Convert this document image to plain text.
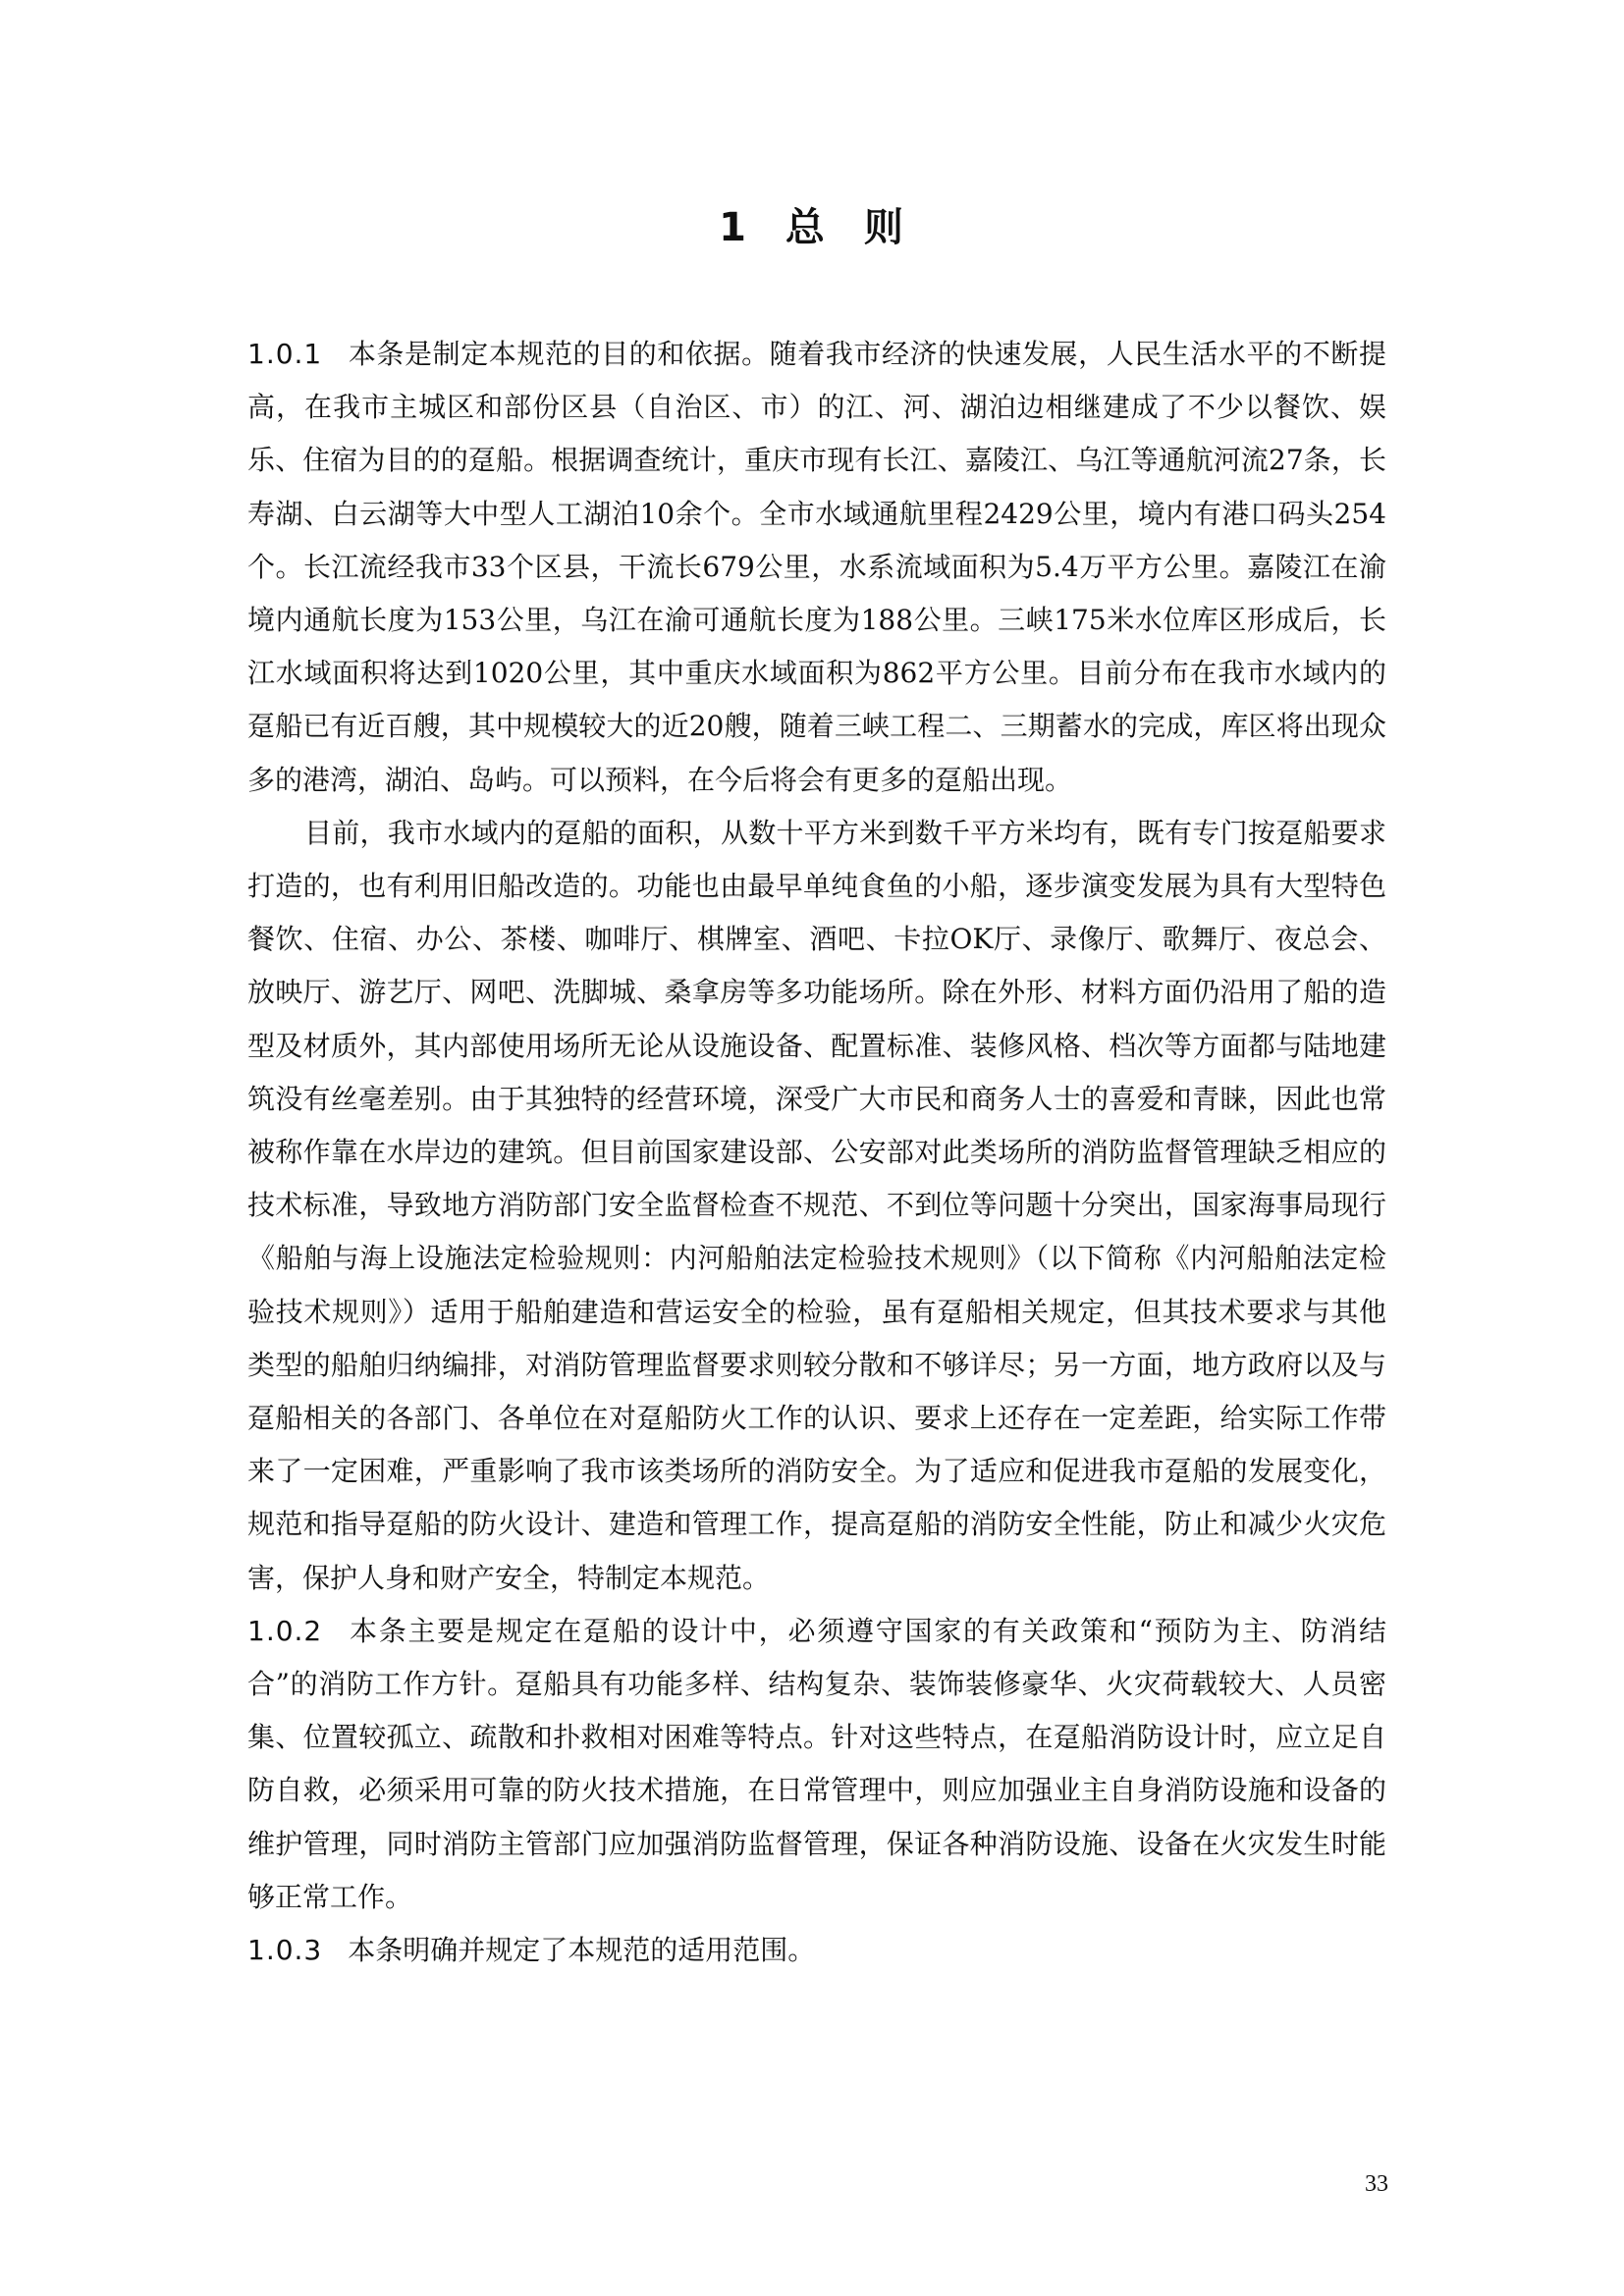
1 总 则

1.0.1 本条是制定本规范的目的和依据。随着我市经济的快速发展，人民生活水平的不断提高，在我市主城区和部份区县（自治区、市）的江、河、湖泊边相继建成了不少以餐饮、娱乐、住宿为目的的趸船。根据调查统计，重庆市现有长江、嘉陵江、乌江等通航河流27条，长寿湖、白云湖等大中型人工湖泊10余个。全市水域通航里程2429公里，境内有港口码头254个。长江流经我市33个区县，干流长679公里，水系流域面积为5.4万平方公里。嘉陵江在渝境内通航长度为153公里，乌江在渝可通航长度为188公里。三峡175米水位库区形成后，长江水域面积将达到1020公里，其中重庆水域面积为862平方公里。目前分布在我市水域内的趸船已有近百艘，其中规模较大的近20艘，随着三峡工程二、三期蓄水的完成，库区将出现众多的港湾，湖泊、岛屿。可以预料，在今后将会有更多的趸船出现。

目前，我市水域内的趸船的面积，从数十平方米到数千平方米均有，既有专门按趸船要求打造的，也有利用旧船改造的。功能也由最早单纯食鱼的小船，逐步演变发展为具有大型特色餐饮、住宿、办公、茶楼、咖啡厅、棋牌室、酒吧、卡拉OK厅、录像厅、歌舞厅、夜总会、放映厅、游艺厅、网吧、洗脚城、桑拿房等多功能场所。除在外形、材料方面仍沿用了船的造型及材质外，其内部使用场所无论从设施设备、配置标准、装修风格、档次等方面都与陆地建筑没有丝毫差别。由于其独特的经营环境，深受广大市民和商务人士的喜爱和青睐，因此也常被称作靠在水岸边的建筑。但目前国家建设部、公安部对此类场所的消防监督管理缺乏相应的技术标准，导致地方消防部门安全监督检查不规范、不到位等问题十分突出，国家海事局现行《船舶与海上设施法定检验规则：内河船舶法定检验技术规则》（以下简称《内河船舶法定检验技术规则》）适用于船舶建造和营运安全的检验，虽有趸船相关规定，但其技术要求与其他类型的船舶归纳编排，对消防管理监督要求则较分散和不够详尽；另一方面，地方政府以及与趸船相关的各部门、各单位在对趸船防火工作的认识、要求上还存在一定差距，给实际工作带来了一定困难，严重影响了我市该类场所的消防安全。为了适应和促进我市趸船的发展变化，规范和指导趸船的防火设计、建造和管理工作，提高趸船的消防安全性能，防止和减少火灾危害，保护人身和财产安全，特制定本规范。

1.0.2 本条主要是规定在趸船的设计中，必须遵守国家的有关政策和“预防为主、防消结合”的消防工作方针。趸船具有功能多样、结构复杂、装饰装修豪华、火灾荷载较大、人员密集、位置较孤立、疏散和扑救相对困难等特点。针对这些特点，在趸船消防设计时，应立足自防自救，必须采用可靠的防火技术措施，在日常管理中，则应加强业主自身消防设施和设备的维护管理，同时消防主管部门应加强消防监督管理，保证各种消防设施、设备在火灾发生时能够正常工作。

1.0.3 本条明确并规定了本规范的适用范围。

33
